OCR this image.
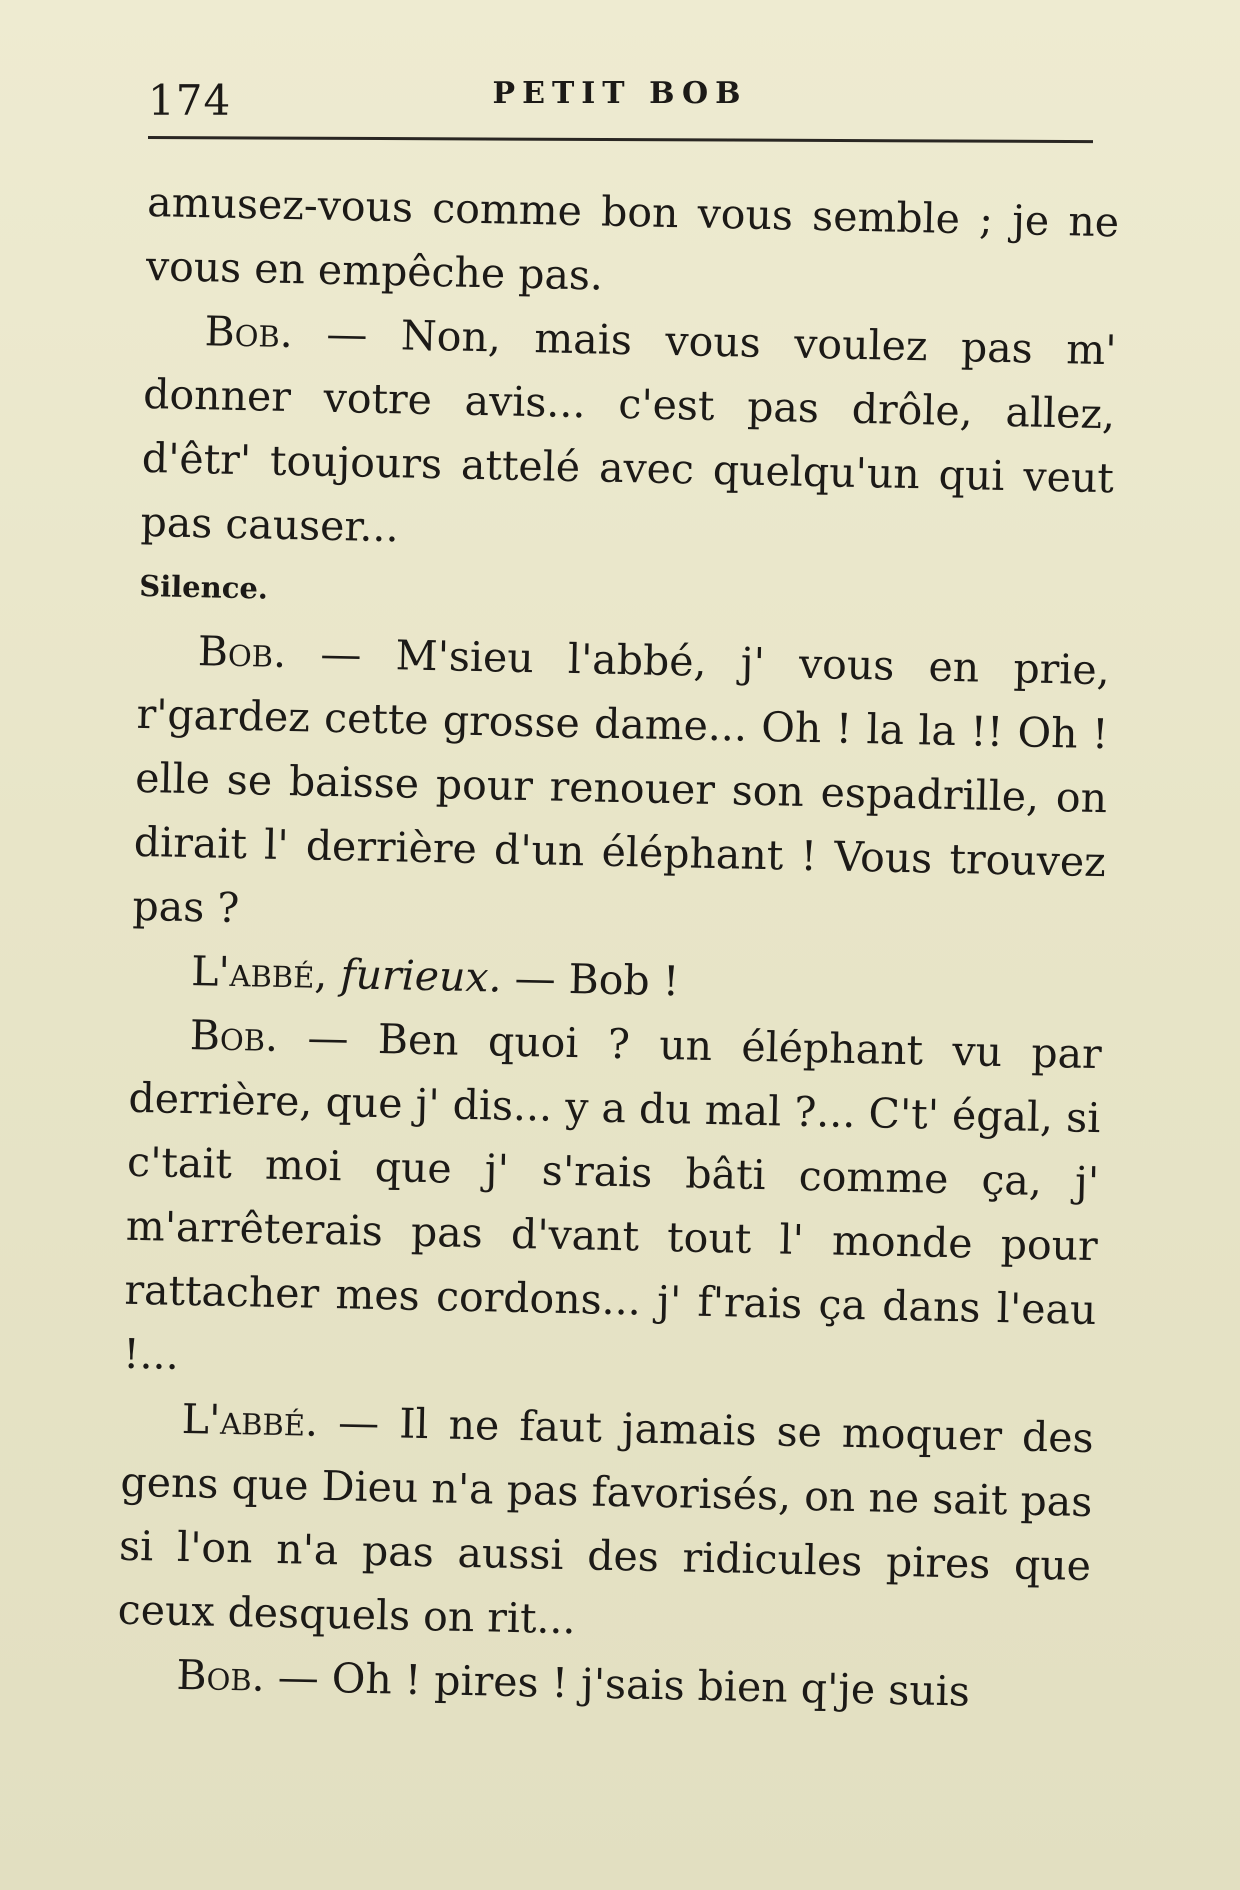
174	PETIT BOB

amusez-vous comme bon vous semble ; je ne vous en empêche pas.

Bob. — Non, mais vous voulez pas m' donner votre avis... c'est pas drôle, allez, d'êtr' toujours attelé avec quelqu'un qui veut pas causer...

Silence.

Bob. — M'sieu l'abbé, j' vous en prie, r'gardez cette grosse dame... Oh ! la la !! Oh ! elle se baisse pour renouer son espadrille, on dirait l' derrière d'un éléphant ! Vous trouvez pas ?

L'abbé, furieux. — Bob !

Bob. — Ben quoi ? un éléphant vu par derrière, que j' dis... y a du mal ?... C't' égal, si c'tait moi que j' s'rais bâti comme ça, j' m'arrêterais pas d'vant tout l' monde pour rattacher mes cordons... j' f'rais ça dans l'eau !...

L'abbé. — Il ne faut jamais se moquer des gens que Dieu n'a pas favorisés, on ne sait pas si l'on n'a pas aussi des ridicules pires que ceux desquels on rit...

Bob. — Oh ! pires ! j'sais bien q'je suis
